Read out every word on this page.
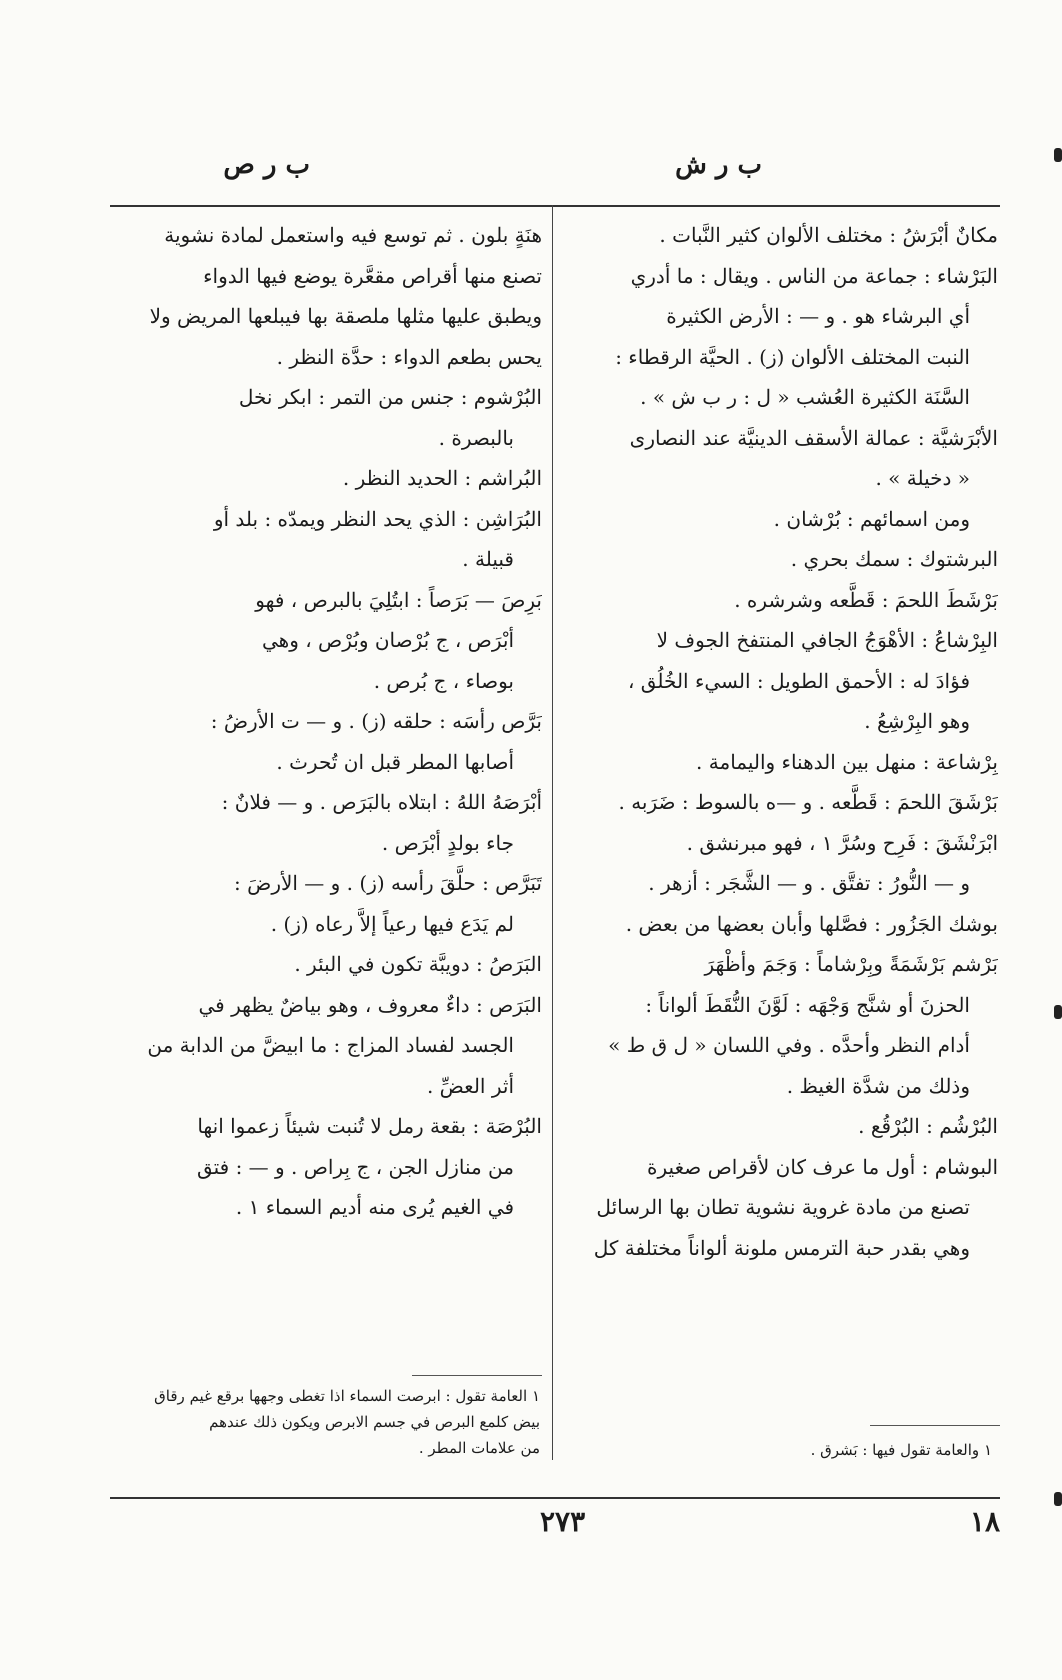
ب ر ش
ب ر ص
مكانٌ أبْرَشُ : مختلف الألوان كثير النَّبات .
البَرْشاء : جماعة من الناس . ويقال : ما أدري
أي البرشاء هو . و — : الأرض الكثيرة
النبت المختلف الألوان (ز) . الحيَّة الرقطاء :
السَّنَة الكثيرة العُشب « ل : ر ب ش » .
الأبْرَشيَّة : عمالة الأسقف الدينيَّة عند النصارى
« دخيلة » .
ومن اسمائهم : بُرْشان .
البرشتوك : سمك بحري .
بَرْشَطَ اللحمَ : قَطَّعه وشرشره .
البِرْشاعُ : الأهْوَجُ الجافي المنتفخ الجوف لا
فؤادَ له : الأحمق الطويل : السيء الخُلُق ،
وهو البِرْشِعُ .
بِرْشاعة : منهل بين الدهناء واليمامة .
بَرْشَقَ اللحمَ : قَطَّعه . و —ه بالسوط : ضَرَبه .
ابْرَنْشَقَ : فَرِح وسُرَّ ١ ، فهو مبرنشق .
و — النُّورُ : تفتَّق . و — الشَّجَر : أزهر .
بوشك الجَزُور : فصَّلها وأبان بعضها من بعض .
بَرْشم بَرْشَمَةً وبِرْشاماً : وَجَمَ وأظْهَرَ
الحزنَ أو شنَّج وَجْهَه : لَوَّنَ النُّقَطَ ألواناً :
أدام النظر وأحدَّه . وفي اللسان « ل ق ط »
وذلك من شدَّة الغيظ .
البُرْشُم : البُرْقُع .
البوشام : أول ما عرف كان لأقراص صغيرة
تصنع من مادة غروية نشوية تطان بها الرسائل
وهي بقدر حبة الترمس ملونة ألواناً مختلفة كل
هنَةٍ بلون . ثم توسع فيه واستعمل لمادة نشوية
تصنع منها أقراص مقعَّرة يوضع فيها الدواء
ويطبق عليها مثلها ملصقة بها فيبلعها المريض ولا
يحس بطعم الدواء : حدَّة النظر .
البُرْشوم : جنس من التمر : ابكر نخل
بالبصرة .
البُراشم : الحديد النظر .
البُرَاشِن : الذي يحد النظر ويمدّه : بلد أو
قبيلة .
بَرِصَ — بَرَصاً : ابتُلِيَ بالبرص ، فهو
أبْرَص ، ج بُرْصان وبُرْص ، وهي
بوصاء ، ج بُرص .
بَرَّص رأسَه : حلقه (ز) . و — ت الأرضُ :
أصابها المطر قبل ان تُحرث .
أبْرَصَهُ اللهُ : ابتلاه بالبَرَص . و — فلانٌ :
جاء بولدٍ أبْرَص .
تَبَرَّص : حلَّقَ رأسه (ز) . و — الأرضَ :
لم يَدَع فيها رعياً إلاَّ رعاه (ز) .
البَرَصُ : دويبَّة تكون في البئر .
البَرَص : داءٌ معروف ، وهو بياضٌ يظهر في
الجسد لفساد المزاج : ما ابيضَّ من الدابة من
أثر العضِّ .
البُرْصَة : بقعة رمل لا تُنبت شيئاً زعموا انها
من منازل الجن ، ج بِراص . و — : فتق
في الغيم يُرى منه أديم السماء ١ .
١ والعامة تقول فيها : بَشرق .
١ العامة تقول : ابرصت السماء اذا تغطى وجهها برقع غيم رقاق
بيض كلمع البرص في جسم الابرص ويكون ذلك عندهم
من علامات المطر .
١٨
٢٧٣
